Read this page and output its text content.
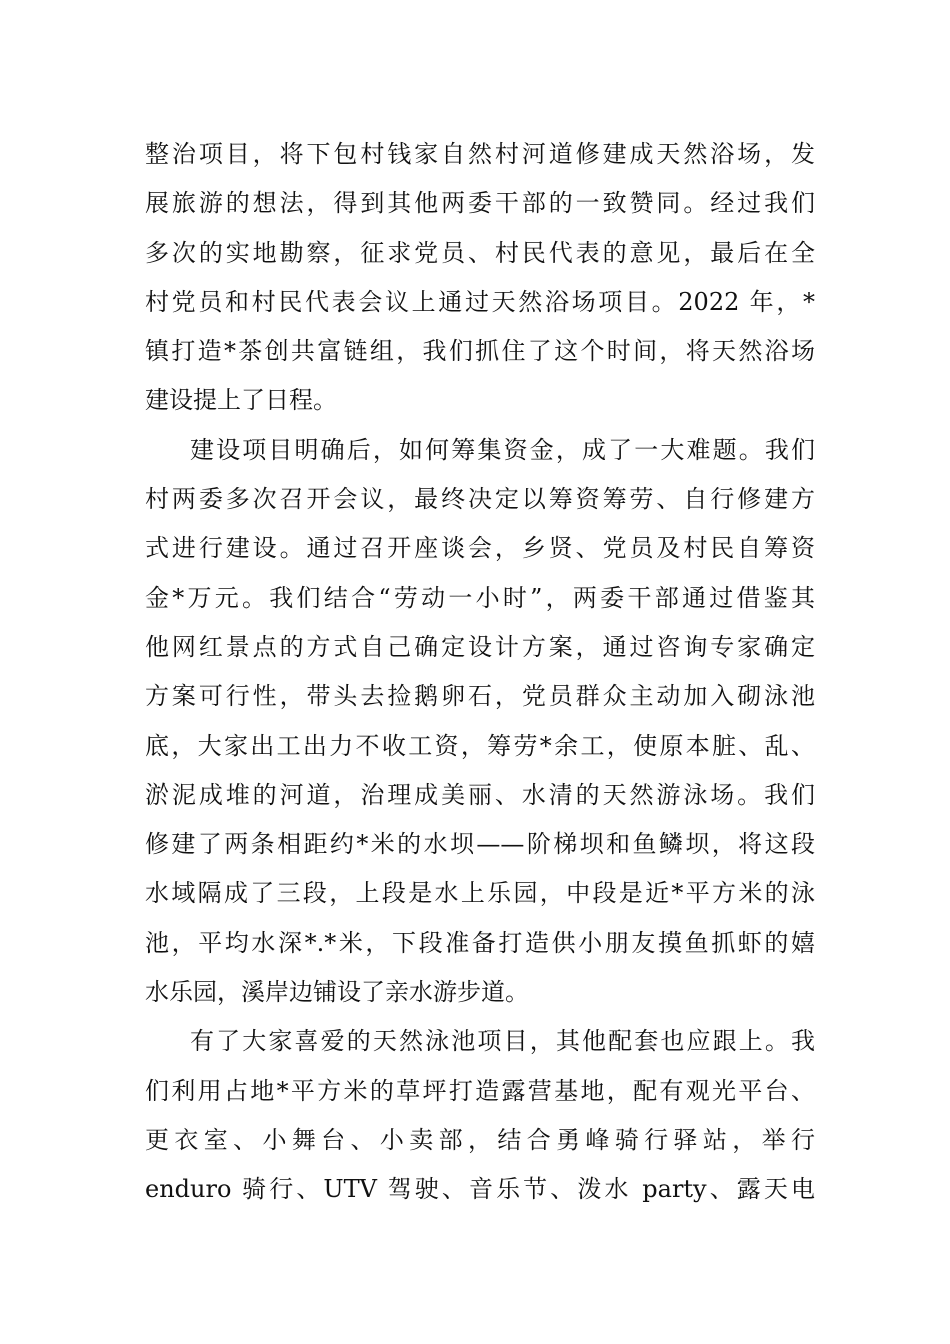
整治项目，将下包村钱家自然村河道修建成天然浴场，发
展旅游的想法，得到其他两委干部的一致赞同。经过我们
多次的实地勘察，征求党员、村民代表的意见，最后在全
村党员和村民代表会议上通过天然浴场项目。2022 年，*
镇打造*茶创共富链组，我们抓住了这个时间，将天然浴场
建设提上了日程。
建设项目明确后，如何筹集资金，成了一大难题。我们
村两委多次召开会议，最终决定以筹资筹劳、自行修建方
式进行建设。通过召开座谈会，乡贤、党员及村民自筹资
金*万元。我们结合“劳动一小时”，两委干部通过借鉴其
他网红景点的方式自己确定设计方案，通过咨询专家确定
方案可行性，带头去捡鹅卵石，党员群众主动加入砌泳池
底，大家出工出力不收工资，筹劳*余工，使原本脏、乱、
淤泥成堆的河道，治理成美丽、水清的天然游泳场。我们
修建了两条相距约*米的水坝——阶梯坝和鱼鳞坝，将这段
水域隔成了三段，上段是水上乐园，中段是近*平方米的泳
池，平均水深*.*米，下段准备打造供小朋友摸鱼抓虾的嬉
水乐园，溪岸边铺设了亲水游步道。
有了大家喜爱的天然泳池项目，其他配套也应跟上。我
们利用占地*平方米的草坪打造露营基地，配有观光平台、
更衣室、小舞台、小卖部，结合勇峰骑行驿站，举行
enduro 骑行、UTV 驾驶、音乐节、泼水 party、露天电
